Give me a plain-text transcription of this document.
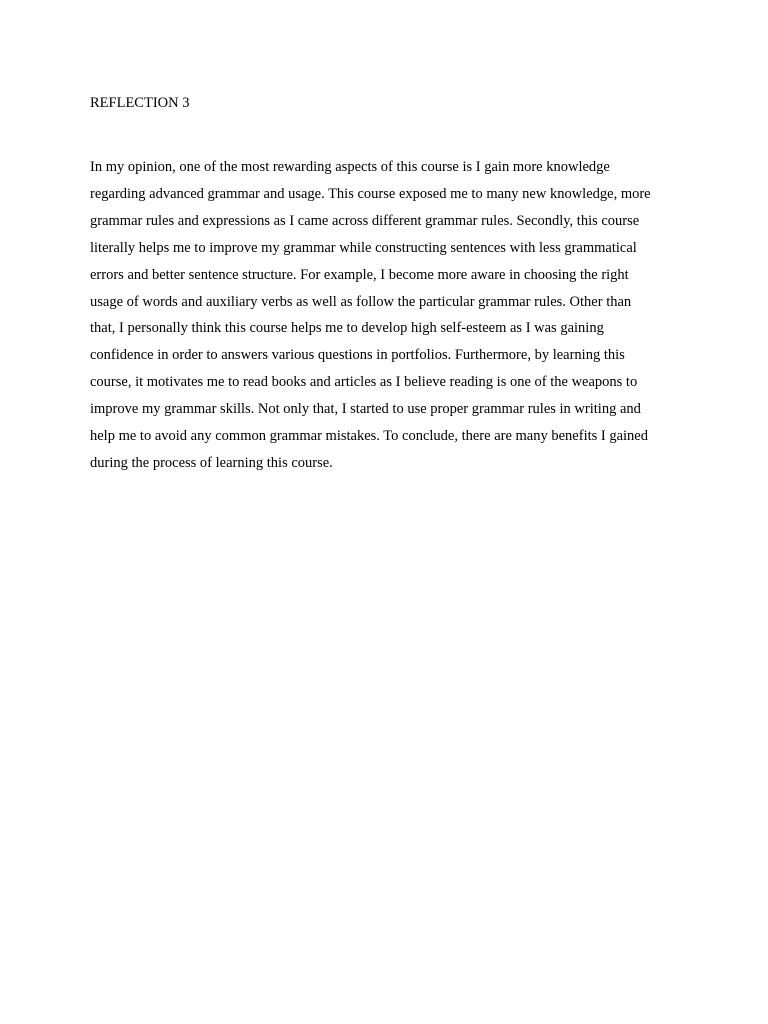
REFLECTION 3

In my opinion, one of the most rewarding aspects of this course is I gain more knowledge
regarding advanced grammar and usage. This course exposed me to many new knowledge, more
grammar rules and expressions as I came across different grammar rules. Secondly, this course
literally helps me to improve my grammar while constructing sentences with less grammatical
errors and better sentence structure. For example, I become more aware in choosing the right
usage of words and auxiliary verbs as well as follow the particular grammar rules. Other than
that, I personally think this course helps me to develop high self-esteem as I was gaining
confidence in order to answers various questions in portfolios. Furthermore, by learning this
course, it motivates me to read books and articles as I believe reading is one of the weapons to
improve my grammar skills. Not only that, I started to use proper grammar rules in writing and
help me to avoid any common grammar mistakes. To conclude, there are many benefits I gained
during the process of learning this course.
